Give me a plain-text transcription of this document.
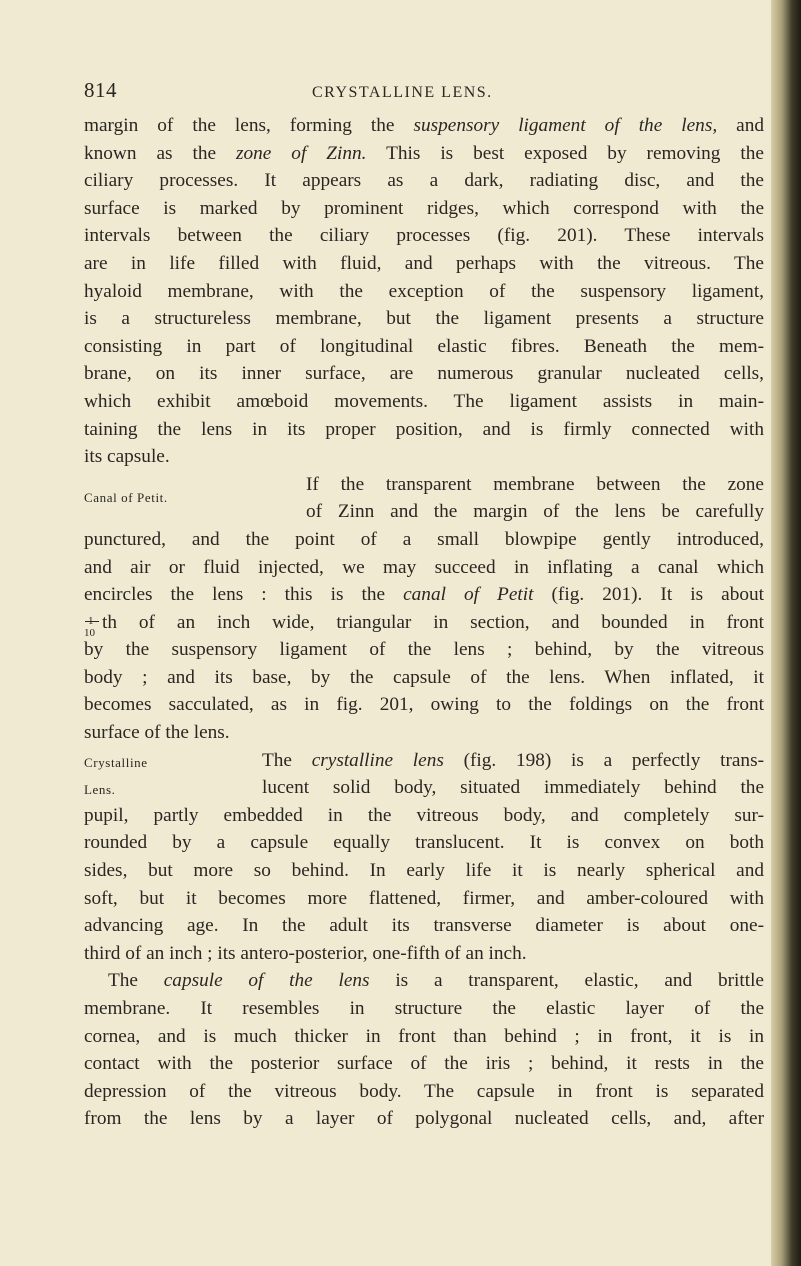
814	CRYSTALLINE LENS.
margin of the lens, forming the suspensory ligament of the lens, and
known as the zone of Zinn. This is best exposed by removing the
ciliary processes. It appears as a dark, radiating disc, and the
surface is marked by prominent ridges, which correspond with the
intervals between the ciliary processes (fig. 201). These intervals
are in life filled with fluid, and perhaps with the vitreous. The
hyaloid membrane, with the exception of the suspensory ligament,
is a structureless membrane, but the ligament presents a structure
consisting in part of longitudinal elastic fibres. Beneath the mem-
brane, on its inner surface, are numerous granular nucleated cells,
which exhibit amœboid movements. The ligament assists in main-
taining the lens in its proper position, and is firmly connected with
its capsule.
If the transparent membrane between the zone
Canal of Petit.
of Zinn and the margin of the lens be carefully
punctured, and the point of a small blowpipe gently introduced,
and air or fluid injected, we may succeed in inflating a canal which
encircles the lens : this is the canal of Petit (fig. 201). It is about
1
10 th of an inch wide, triangular in section, and bounded in front
by the suspensory ligament of the lens ; behind, by the vitreous
body ; and its base, by the capsule of the lens. When inflated, it
becomes sacculated, as in fig. 201, owing to the foldings on the front
surface of the lens.
Crystalline	The crystalline lens (fig. 198) is a perfectly trans-
Lens.	lucent solid body, situated immediately behind the
pupil, partly embedded in the vitreous body, and completely sur-
rounded by a capsule equally translucent. It is convex on both
sides, but more so behind. In early life it is nearly spherical and
soft, but it becomes more flattened, firmer, and amber-coloured with
advancing age. In the adult its transverse diameter is about one-
third of an inch ; its antero-posterior, one-fifth of an inch.
The capsule of the lens is a transparent, elastic, and brittle
membrane. It resembles in structure the elastic layer of the
cornea, and is much thicker in front than behind ; in front, it is in
contact with the posterior surface of the iris ; behind, it rests in the
depression of the vitreous body. The capsule in front is separated
from the lens by a layer of polygonal nucleated cells, and, after
